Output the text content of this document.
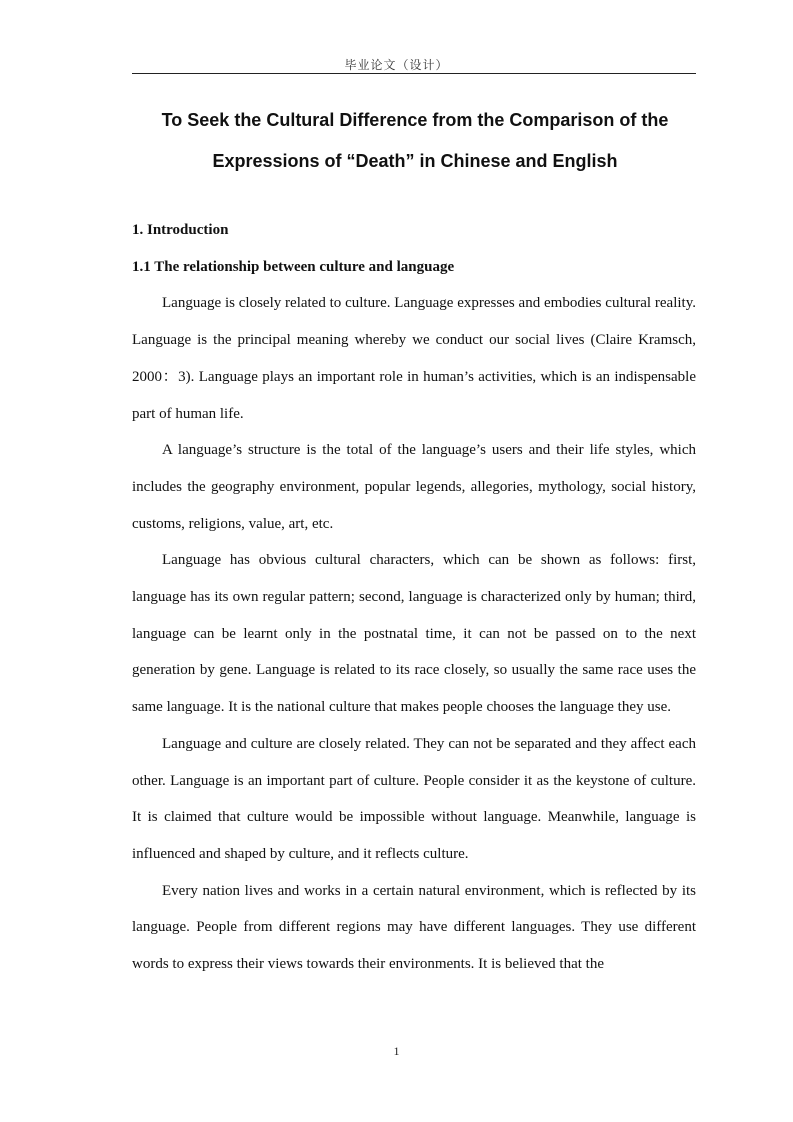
毕业论文（设计）
To Seek the Cultural Difference from the Comparison of the
Expressions of “Death” in Chinese and English

1. Introduction

1.1 The relationship between culture and language

Language is closely related to culture. Language expresses and embodies cultural reality. Language is the principal meaning whereby we conduct our social lives (Claire Kramsch, 2000：3). Language plays an important role in human’s activities, which is an indispensable part of human life.

A language’s structure is the total of the language’s users and their life styles, which includes the geography environment, popular legends, allegories, mythology, social history, customs, religions, value, art, etc.

Language has obvious cultural characters, which can be shown as follows: first, language has its own regular pattern; second, language is characterized only by human; third, language can be learnt only in the postnatal time, it can not be passed on to the next generation by gene. Language is related to its race closely, so usually the same race uses the same language. It is the national culture that makes people chooses the language they use.

Language and culture are closely related. They can not be separated and they affect each other. Language is an important part of culture. People consider it as the keystone of culture. It is claimed that culture would be impossible without language. Meanwhile, language is influenced and shaped by culture, and it reflects culture.

Every nation lives and works in a certain natural environment, which is reflected by its language. People from different regions may have different languages. They use different words to express their views towards their environments. It is believed that the

1
